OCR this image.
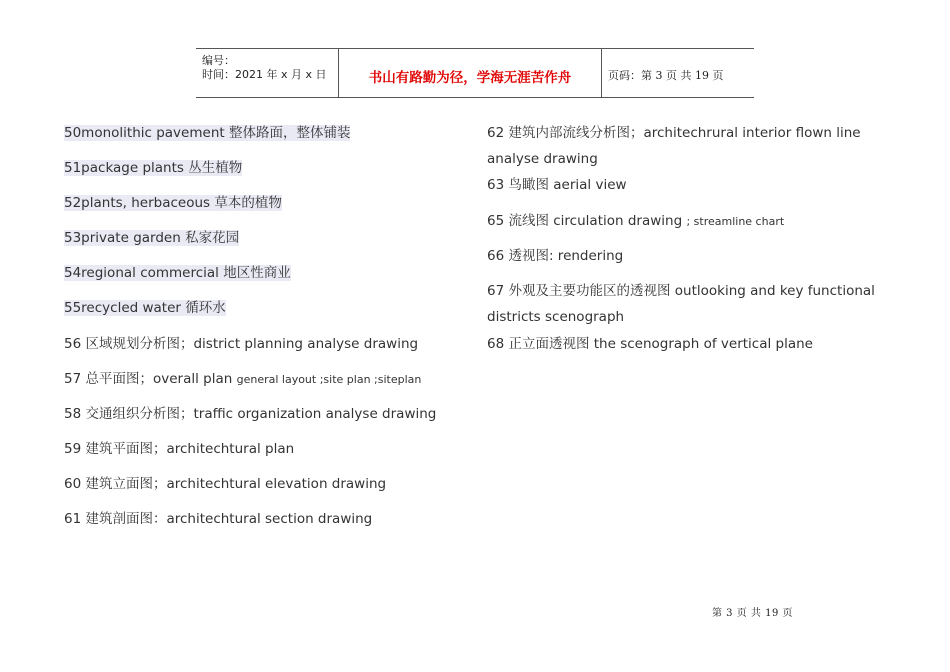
编号：
时间：2021 年 x 月 x 日	书山有路勤为径，学海无涯苦作舟	页码：第 3 页 共 19 页
50monolithic pavement 整体路面，整体铺装
51package plants 丛生植物
52plants, herbaceous 草本的植物
53private garden 私家花园
54regional commercial 地区性商业
55recycled water 循环水
56 区域规划分析图；district planning analyse drawing
57 总平面图；overall plan general layout ;site plan ;siteplan
58 交通组织分析图；traffic organization analyse drawing
59 建筑平面图；architechtural plan
60 建筑立面图；architechtural elevation drawing
61 建筑剖面图：architechtural section drawing
62 建筑内部流线分析图；architechrural interior flown line analyse drawing
63 鸟瞰图 aerial view
65 流线图 circulation drawing ; streamline chart
66 透视图: rendering
67 外观及主要功能区的透视图 outlooking and key functional districts scenograph
68 正立面透视图 the scenograph of vertical plane
第 3 页 共 19 页
